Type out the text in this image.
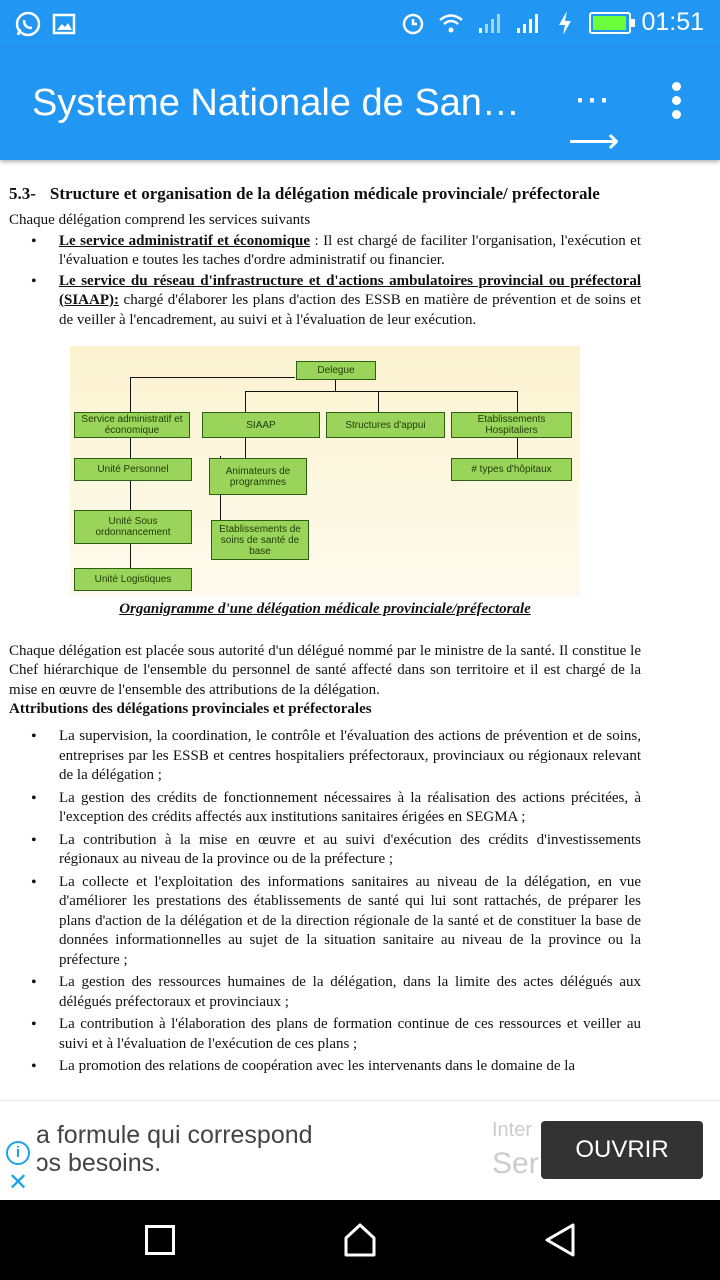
01:51
Systeme Nationale de San… ⋯⟶
5.3- Structure et organisation de la délégation médicale provinciale/ préfectorale
Chaque délégation comprend les services suivants
• Le service administratif et économique : Il est chargé de faciliter l'organisation, l'exécution et l'évaluation e toutes les taches d'ordre administratif ou financier.
• Le service du réseau d'infrastructure et d'actions ambulatoires provincial ou préfectoral (SIAAP): chargé d'élaborer les plans d'action des ESSB en matière de prévention et de soins et de veiller à l'encadrement, au suivi et à l'évaluation de leur exécution.
Delegue
Service administratif et économique	SIAAP	Structures d'appui	Etablissements Hospitaliers
Unité Personnel	Animateurs de programmes
# types d'hôpitaux
Unité Sous ordonnancement	Etablissements de soins de santé de base
Unité Logistiques
Organigramme d'une délégation médicale provinciale/préfectorale
Chaque délégation est placée sous autorité d'un délégué nommé par le ministre de la santé. Il constitue le Chef hiérarchique de l'ensemble du personnel de santé affecté dans son territoire et il est chargé de la mise en œuvre de l'ensemble des attributions de la délégation.
Attributions des délégations provinciales et préfectorales
• La supervision, la coordination, le contrôle et l'évaluation des actions de prévention et de soins, entreprises par les ESSB et centres hospitaliers préfectoraux, provinciaux ou régionaux relevant de la délégation ;
• La gestion des crédits de fonctionnement nécessaires à la réalisation des actions précitées, à l'exception des crédits affectés aux institutions sanitaires érigées en SEGMA ;
• La contribution à la mise en œuvre et au suivi d'exécution des crédits d'investissements régionaux au niveau de la province ou de la préfecture ;
• La collecte et l'exploitation des informations sanitaires au niveau de la délégation, en vue d'améliorer les prestations des établissements de santé qui lui sont rattachés, de préparer les plans d'action de la délégation et de la direction régionale de la santé et de constituer la base de données informationnelles au sujet de la situation sanitaire au niveau de la province ou la préfecture ;
• La gestion des ressources humaines de la délégation, dans la limite des actes délégués aux délégués préfectoraux et provinciaux ;
• La contribution à l'élaboration des plans de formation continue de ces ressources et veiller au suivi et à l'évaluation de l'exécution de ces plans ;
• La promotion des relations de coopération avec les intervenants dans le domaine de la
i
✕
a formule qui correspond
ɔs besoins.
Inter
Ser	OUVRIR
